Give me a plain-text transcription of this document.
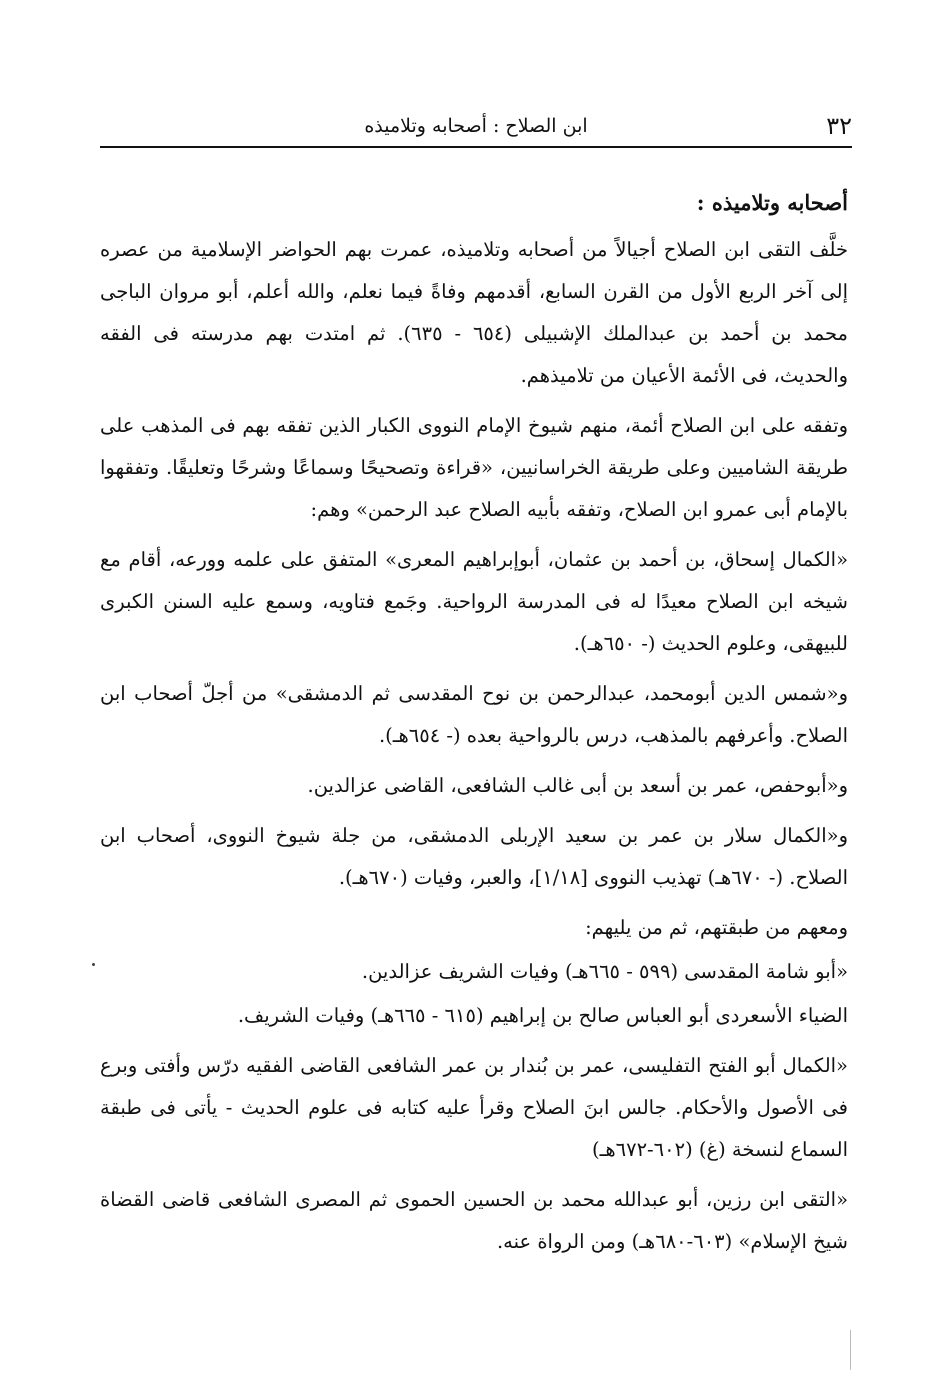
٣٢
ابن الصلاح : أصحابه وتلاميذه
أصحابه وتلاميذه :

خلَّف التقى ابن الصلاح أجيالاً من أصحابه وتلاميذه، عمرت بهم الحواضر الإسلامية من عصره إلى آخر الربع الأول من القرن السابع، أقدمهم وفاةً فيما نعلم، والله أعلم، أبو مروان الباجى محمد بن أحمد بن عبدالملك الإشبيلى (٦٥٤ - ٦٣٥). ثم امتدت بهم مدرسته فى الفقه والحديث، فى الأئمة الأعيان من تلاميذهم.

وتفقه على ابن الصلاح أئمة، منهم شيوخ الإمام النووى الكبار الذين تفقه بهم فى المذهب على طريقة الشاميين وعلى طريقة الخراسانيين، «قراءة وتصحيحًا وسماعًا وشرحًا وتعليقًا. وتفقهوا بالإمام أبى عمرو ابن الصلاح، وتفقه بأبيه الصلاح عبد الرحمن» وهم:

«الكمال إسحاق، بن أحمد بن عثمان، أبوإبراهيم المعرى» المتفق على علمه وورعه، أقام مع شيخه ابن الصلاح معيدًا له فى المدرسة الرواحية. وجَمع فتاويه، وسمع عليه السنن الكبرى للبيهقى، وعلوم الحديث (- ٦٥٠هـ).

و«شمس الدين أبومحمد، عبدالرحمن بن نوح المقدسى ثم الدمشقى» من أجلّ أصحاب ابن الصلاح. وأعرفهم بالمذهب، درس بالرواحية بعده (- ٦٥٤هـ).

و«أبوحفص، عمر بن أسعد بن أبى غالب الشافعى، القاضى عزالدين.

و«الكمال سلار بن عمر بن سعيد الإربلى الدمشقى، من جلة شيوخ النووى، أصحاب ابن الصلاح. (- ٦٧٠هـ) تهذيب النووى [١/١٨]، والعبر، وفيات (٦٧٠هـ).

ومعهم من طبقتهم، ثم من يليهم:

«أبو شامة المقدسى (٥٩٩ - ٦٦٥هـ) وفيات الشريف عزالدين.

الضياء الأسعردى أبو العباس صالح بن إبراهيم (٦١٥ - ٦٦٥هـ) وفيات الشريف.

«الكمال أبو الفتح التفليسى، عمر بن بُندار بن عمر الشافعى القاضى الفقيه درّس وأفتى وبرع فى الأصول والأحكام. جالس ابنَ الصلاح وقرأ عليه كتابه فى علوم الحديث - يأتى فى طبقة السماع لنسخة (غ) (٦٠٢-٦٧٢هـ)

«التقى ابن رزين، أبو عبدالله محمد بن الحسين الحموى ثم المصرى الشافعى قاضى القضاة شيخ الإسلام» (٦٠٣-٦٨٠هـ) ومن الرواة عنه.
